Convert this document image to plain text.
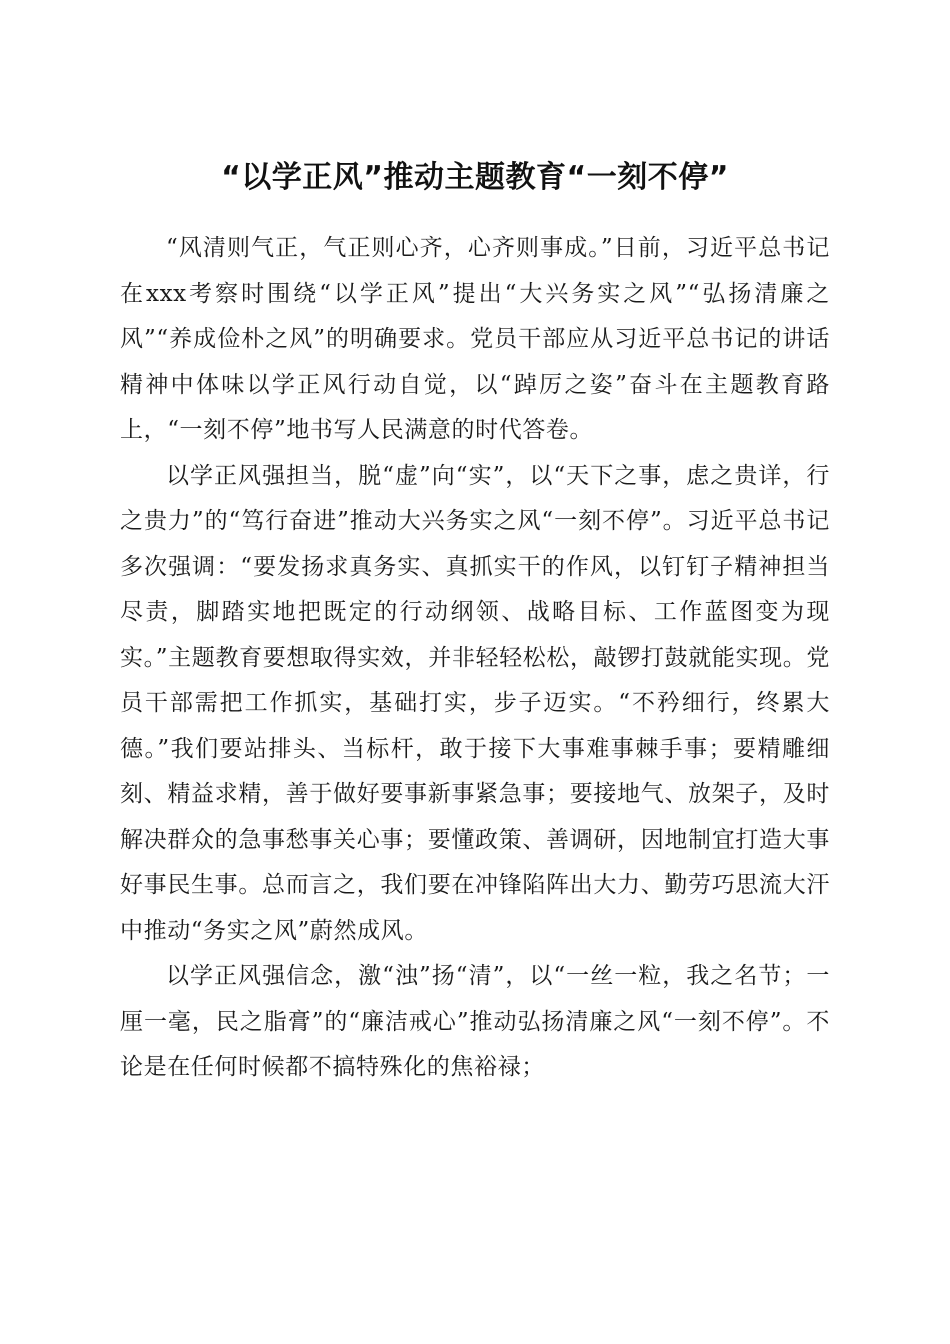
“以学正风”推动主题教育“一刻不停”

“风清则气正，气正则心齐，心齐则事成。”日前，习近平总书记在xxx考察时围绕“以学正风”提出“大兴务实之风”“弘扬清廉之风”“养成俭朴之风”的明确要求。党员干部应从习近平总书记的讲话精神中体味以学正风行动自觉，以“踔厉之姿”奋斗在主题教育路上，“一刻不停”地书写人民满意的时代答卷。

以学正风强担当，脱“虚”向“实”，以“天下之事，虑之贵详，行之贵力”的“笃行奋进”推动大兴务实之风“一刻不停”。习近平总书记多次强调：“要发扬求真务实、真抓实干的作风，以钉钉子精神担当尽责，脚踏实地把既定的行动纲领、战略目标、工作蓝图变为现实。”主题教育要想取得实效，并非轻轻松松，敲锣打鼓就能实现。党员干部需把工作抓实，基础打实，步子迈实。“不矜细行，终累大德。”我们要站排头、当标杆，敢于接下大事难事棘手事；要精雕细刻、精益求精，善于做好要事新事紧急事；要接地气、放架子，及时解决群众的急事愁事关心事；要懂政策、善调研，因地制宜打造大事好事民生事。总而言之，我们要在冲锋陷阵出大力、勤劳巧思流大汗中推动“务实之风”蔚然成风。

以学正风强信念，激“浊”扬“清”，以“一丝一粒，我之名节；一厘一毫，民之脂膏”的“廉洁戒心”推动弘扬清廉之风“一刻不停”。不论是在任何时候都不搞特殊化的焦裕禄；
